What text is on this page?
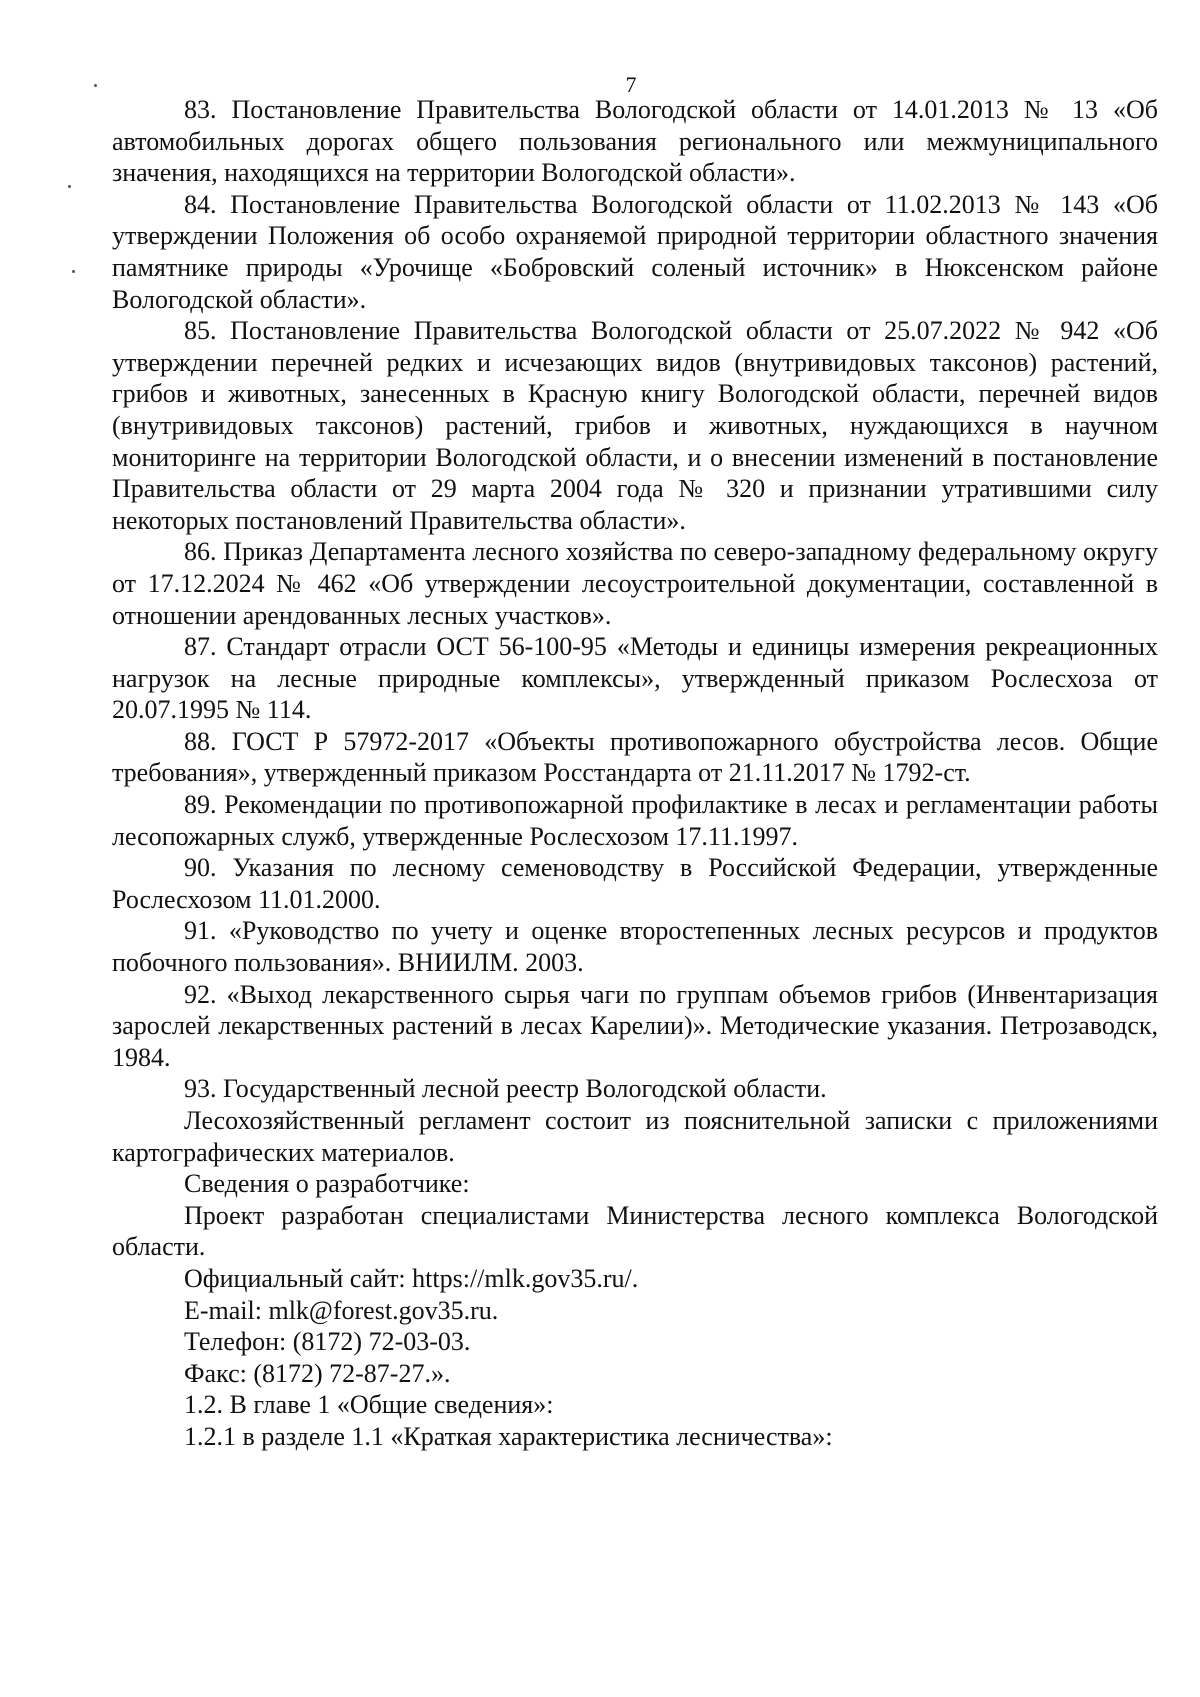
7

83. Постановление Правительства Вологодской области от 14.01.2013 № 13 «Об автомобильных дорогах общего пользования регионального или межмуниципального значения, находящихся на территории Вологодской области».

84. Постановление Правительства Вологодской области от 11.02.2013 № 143 «Об утверждении Положения об особо охраняемой природной территории областного значения памятнике природы «Урочище «Бобровский соленый источник» в Нюксенском районе Вологодской области».

85. Постановление Правительства Вологодской области от 25.07.2022 № 942 «Об утверждении перечней редких и исчезающих видов (внутривидовых таксонов) растений, грибов и животных, занесенных в Красную книгу Вологодской области, перечней видов (внутривидовых таксонов) растений, грибов и животных, нуждающихся в научном мониторинге на территории Вологодской области, и о внесении изменений в постановление Правительства области от 29 марта 2004 года № 320 и признании утратившими силу некоторых постановлений Правительства области».

86. Приказ Департамента лесного хозяйства по северо-западному федеральному округу от 17.12.2024 № 462 «Об утверждении лесоустроительной документации, составленной в отношении арендованных лесных участков».

87. Стандарт отрасли ОСТ 56-100-95 «Методы и единицы измерения рекреационных нагрузок на лесные природные комплексы», утвержденный приказом Рослесхоза от 20.07.1995 № 114.

88. ГОСТ Р 57972-2017 «Объекты противопожарного обустройства лесов. Общие требования», утвержденный приказом Росстандарта от 21.11.2017 № 1792-ст.

89. Рекомендации по противопожарной профилактике в лесах и регламентации работы лесопожарных служб, утвержденные Рослесхозом 17.11.1997.

90. Указания по лесному семеноводству в Российской Федерации, утвержденные Рослесхозом 11.01.2000.

91. «Руководство по учету и оценке второстепенных лесных ресурсов и продуктов побочного пользования». ВНИИЛМ. 2003.

92. «Выход лекарственного сырья чаги по группам объемов грибов (Инвентаризация зарослей лекарственных растений в лесах Карелии)». Методические указания. Петрозаводск, 1984.

93. Государственный лесной реестр Вологодской области.

Лесохозяйственный регламент состоит из пояснительной записки с приложениями картографических материалов.

Сведения о разработчике:

Проект разработан специалистами Министерства лесного комплекса Вологодской области.

Официальный сайт: https://mlk.gov35.ru/.

E-mail: mlk@forest.gov35.ru.

Телефон: (8172) 72-03-03.

Факс: (8172) 72-87-27.».

1.2. В главе 1 «Общие сведения»:

1.2.1 в разделе 1.1 «Краткая характеристика лесничества»:
